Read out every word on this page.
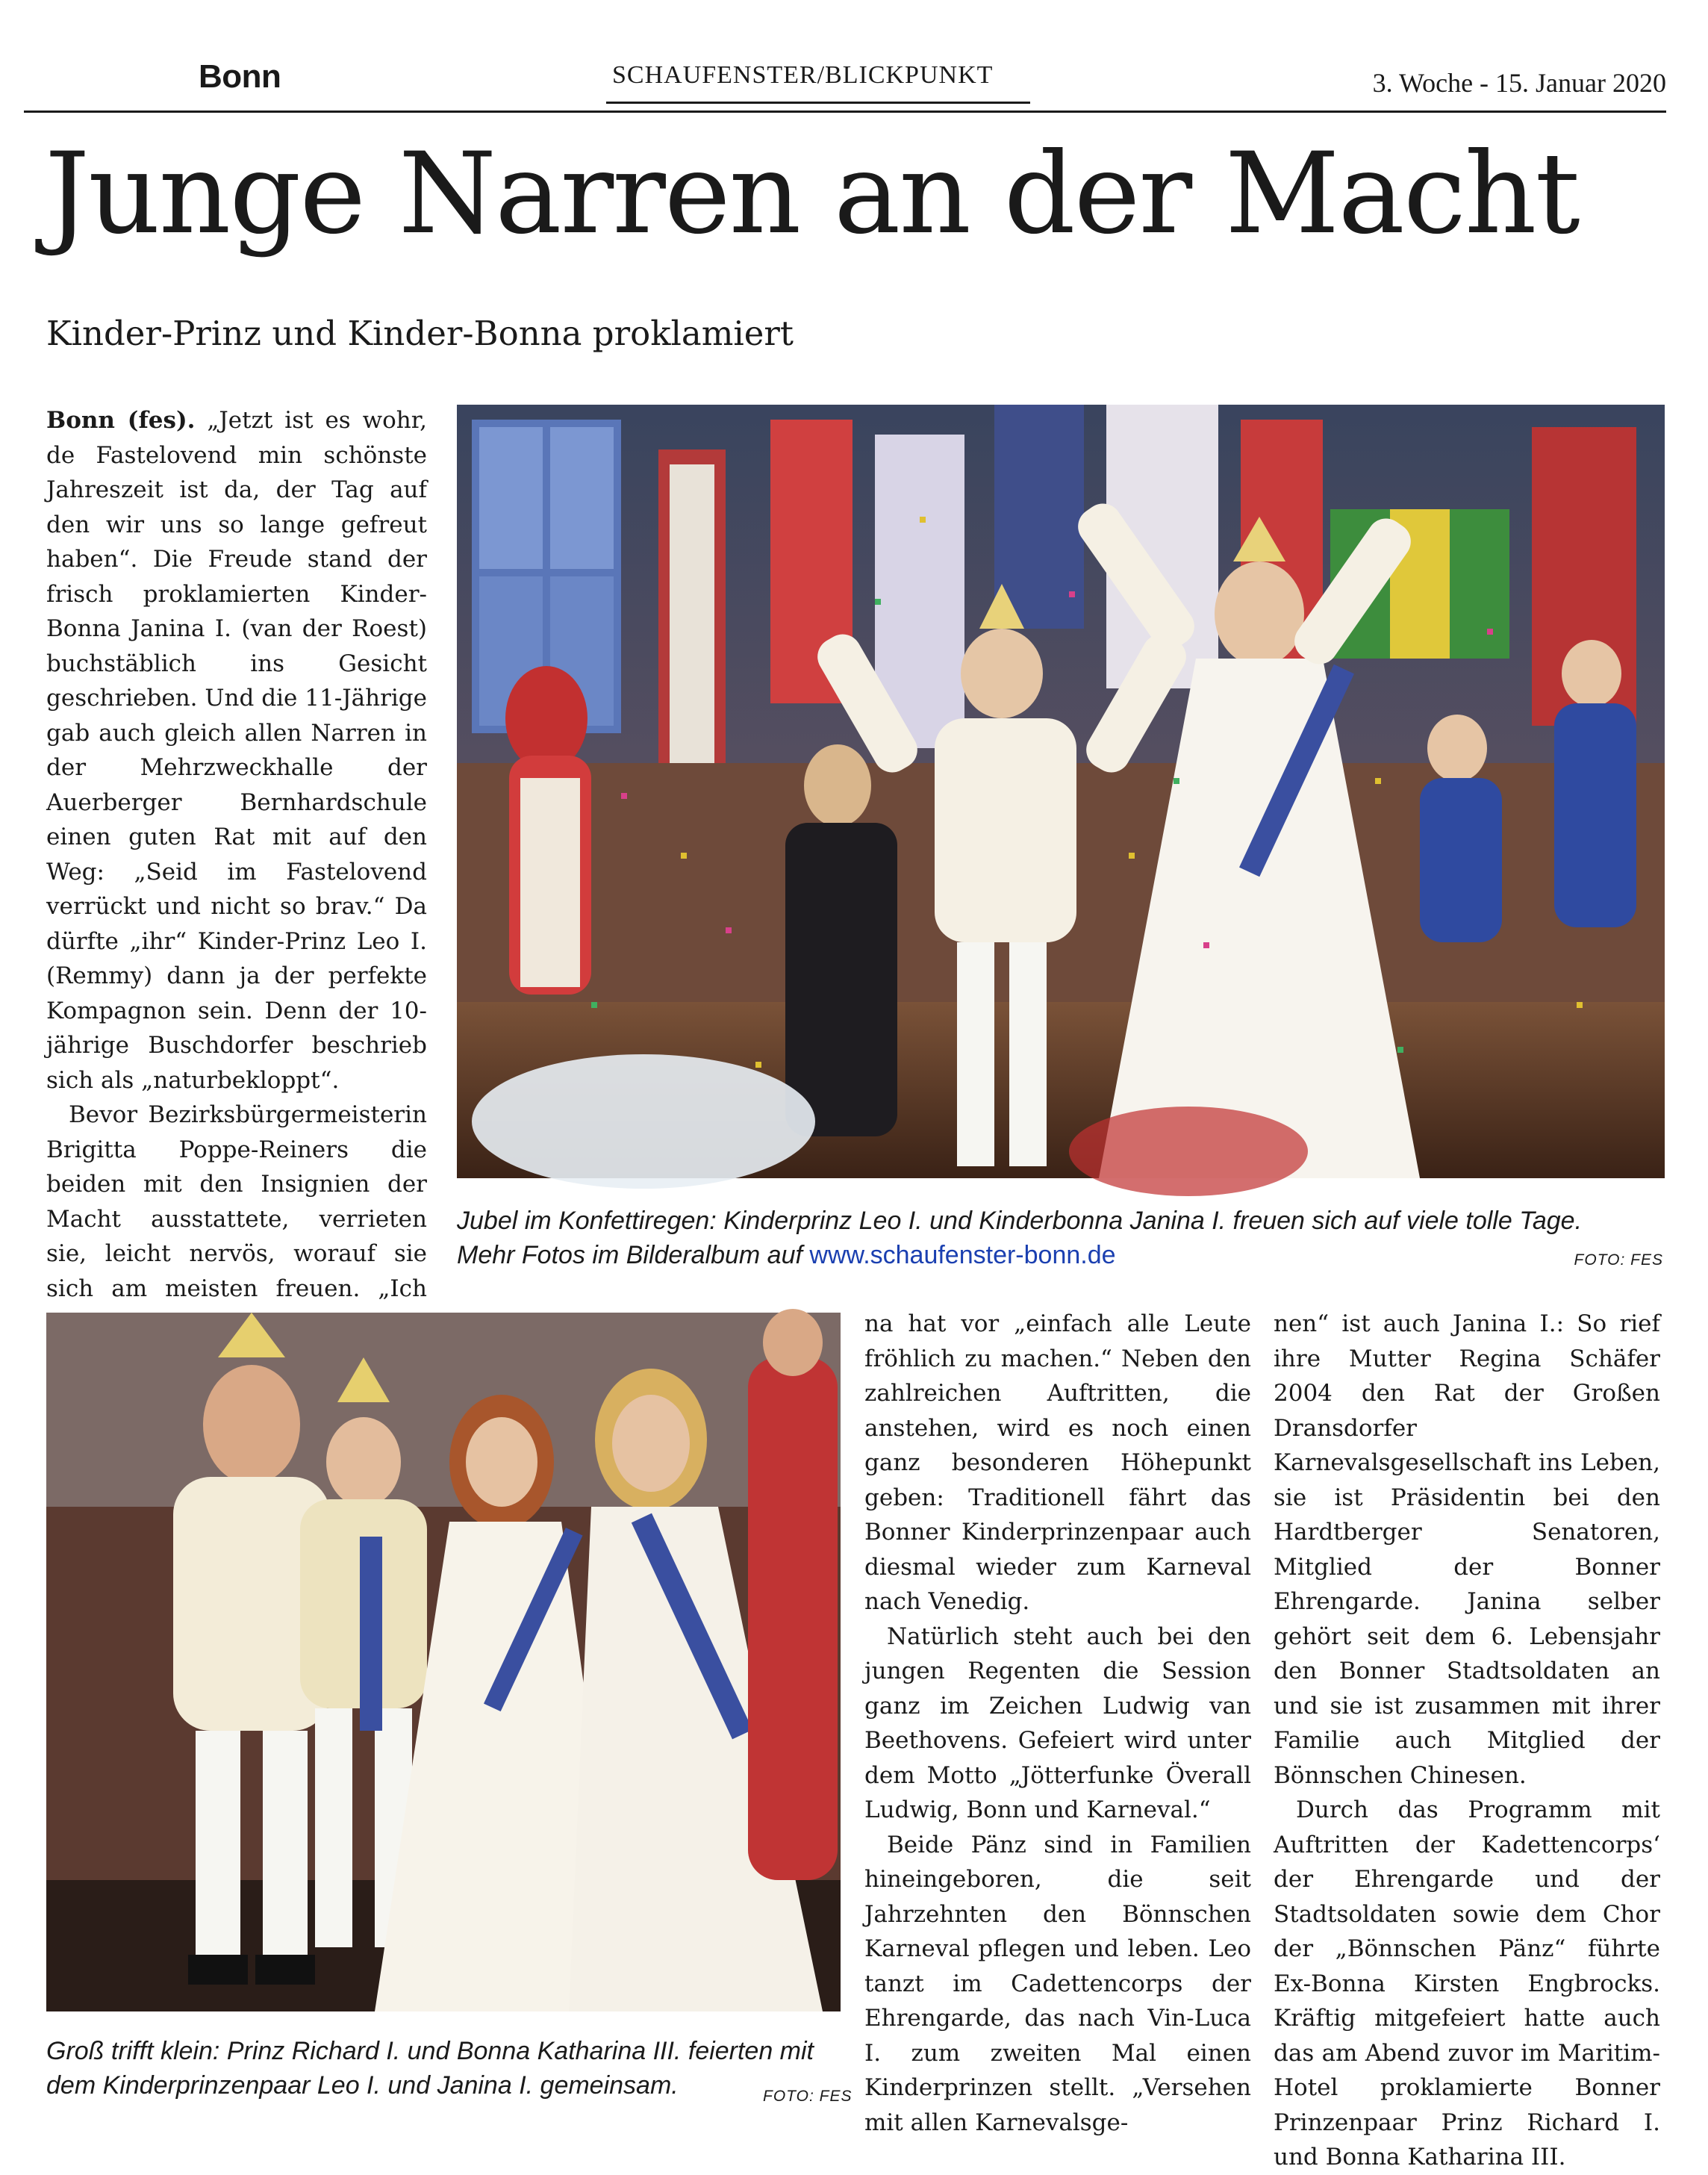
Bonn	SCHAUFENSTER/BLICKPUNKT	3. Woche - 15. Januar 2020
Junge Narren an der Macht
Kinder-Prinz und Kinder-Bonna proklamiert

Bonn (fes). „Jetzt ist es wohr, de Fastelovend min schönste Jahreszeit ist da, der Tag auf den wir uns so lange gefreut haben“. Die Freude stand der frisch proklamierten Kinder-Bonna Janina I. (van der Roest) buchstäblich ins Gesicht geschrieben. Und die 11-Jährige gab auch gleich allen Narren in der Mehrzweckhalle der Auerberger Bernhardschule einen guten Rat mit auf den Weg: „Seid im Fastelovend verrückt und nicht so brav.“ Da dürfte „ihr“ Kinder-Prinz Leo I. (Remmy) dann ja der perfekte Kompagnon sein. Denn der 10-jährige Buschdorfer beschrieb sich als „naturbekloppt“.

Bevor Bezirksbürgermeisterin Brigitta Poppe-Reiners die beiden mit den Insignien der Macht ausstattete, verrieten sie, leicht nervös, worauf sie sich am meisten freuen. „Ich

Jubel im Konfettiregen: Kinderprinz Leo I. und Kinderbonna Janina I. freuen sich auf viele tolle Tage.
Mehr Fotos im Bilderalbum auf www.schaufenster-bonn.de	FOTO: FES
Groß trifft klein: Prinz Richard I. und Bonna Katharina III. feierten mit dem Kinderprinzenpaar Leo I. und Janina I. gemeinsam.	FOTO: FES

na hat vor „einfach alle Leute fröhlich zu machen.“ Neben den zahlreichen Auftritten, die anstehen, wird es noch einen ganz besonderen Höhepunkt geben: Traditionell fährt das Bonner Kinderprinzenpaar auch diesmal wieder zum Karneval nach Venedig.

Natürlich steht auch bei den jungen Regenten die Session ganz im Zeichen Ludwig van Beethovens. Gefeiert wird unter dem Motto „Jötterfunke Överall Ludwig, Bonn und Karneval.“

Beide Pänz sind in Familien hineingeboren, die seit Jahrzehnten den Bönnschen Karneval pflegen und leben. Leo tanzt im Cadettencorps der Ehrengarde, das nach Vin-Luca I. zum zweiten Mal einen Kinderprinzen stellt. „Versehen mit allen Karnevalsge-

nen“ ist auch Janina I.: So rief ihre Mutter Regina Schäfer 2004 den Rat der Großen Dransdorfer Karnevalsgesellschaft ins Leben, sie ist Präsidentin bei den Hardtberger Senatoren, Mitglied der Bonner Ehrengarde. Janina selber gehört seit dem 6. Lebensjahr den Bonner Stadtsoldaten an und sie ist zusammen mit ihrer Familie auch Mitglied der Bönnschen Chinesen.

Durch das Programm mit Auftritten der Kadettencorps‘ der Ehrengarde und der Stadtsoldaten sowie dem Chor der „Bönnschen Pänz“ führte Ex-Bonna Kirsten Engbrocks. Kräftig mitgefeiert hatte auch das am Abend zuvor im Maritim-Hotel proklamierte Bonner Prinzenpaar Prinz Richard I. und Bonna Katharina III.
